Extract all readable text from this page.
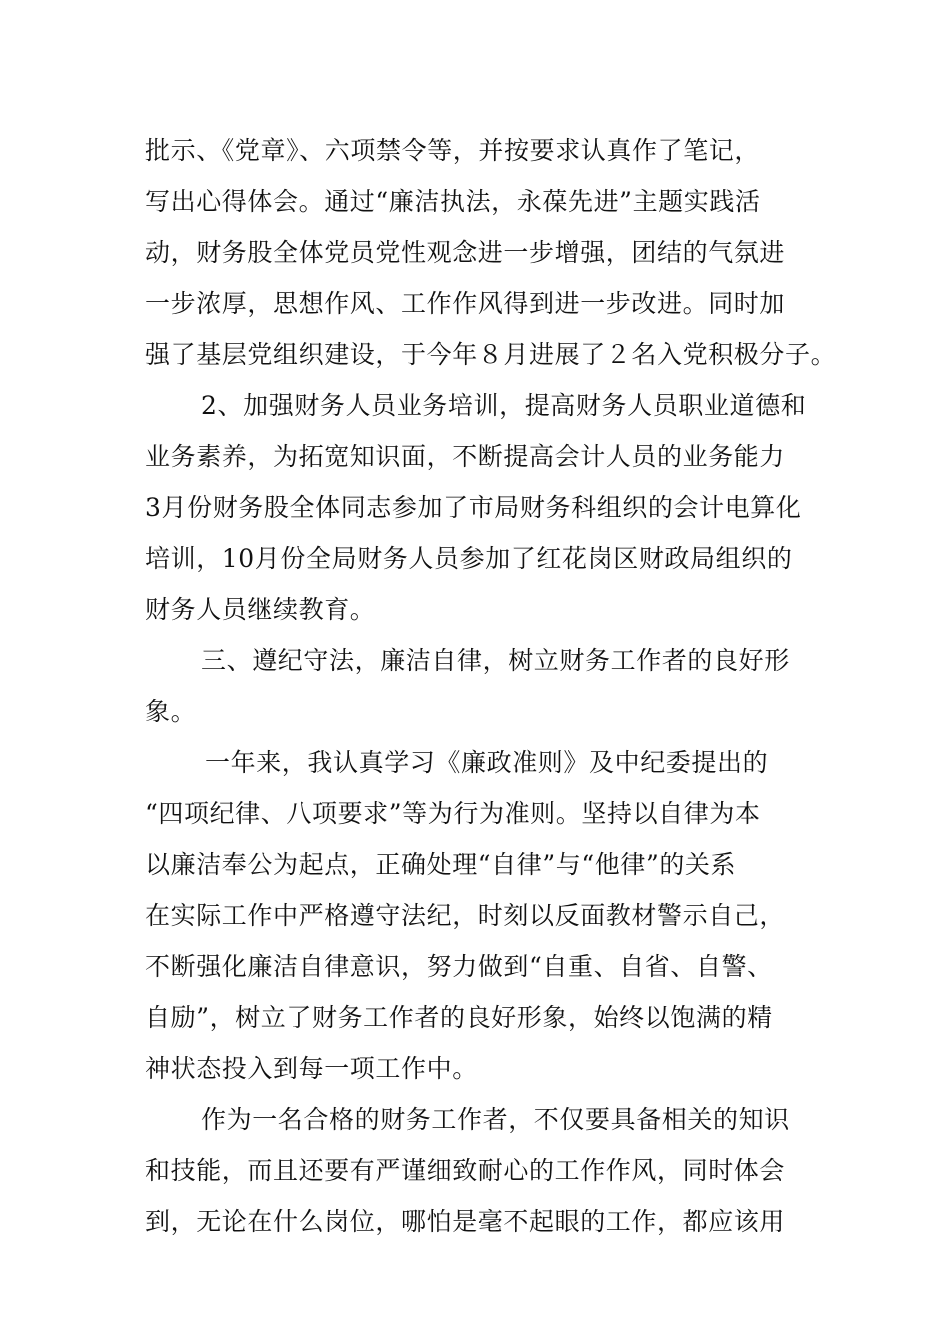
批示、《党章》、六项禁令等，并按要求认真作了笔记，
写出心得体会。通过“廉洁执法，永葆先进”主题实践活
动，财务股全体党员党性观念进一步增强，团结的气氛进
一步浓厚，思想作风、工作作风得到进一步改进。同时加
强了基层党组织建设，于今年８月进展了２名入党积极分子。
2、加强财务人员业务培训，提高财务人员职业道德和
业务素养，为拓宽知识面，不断提高会计人员的业务能力
3月份财务股全体同志参加了市局财务科组织的会计电算化
培训，10月份全局财务人员参加了红花岗区财政局组织的
财务人员继续教育。
三、遵纪守法，廉洁自律，树立财务工作者的良好形
象。
一年来，我认真学习《廉政准则》及中纪委提出的
“四项纪律、八项要求”等为行为准则。坚持以自律为本
以廉洁奉公为起点，正确处理“自律”与“他律”的关系
在实际工作中严格遵守法纪，时刻以反面教材警示自己，
不断强化廉洁自律意识，努力做到“自重、自省、自警、
自励”，树立了财务工作者的良好形象，始终以饱满的精
神状态投入到每一项工作中。
作为一名合格的财务工作者，不仅要具备相关的知识
和技能，而且还要有严谨细致耐心的工作作风，同时体会
到，无论在什么岗位，哪怕是毫不起眼的工作，都应该用
